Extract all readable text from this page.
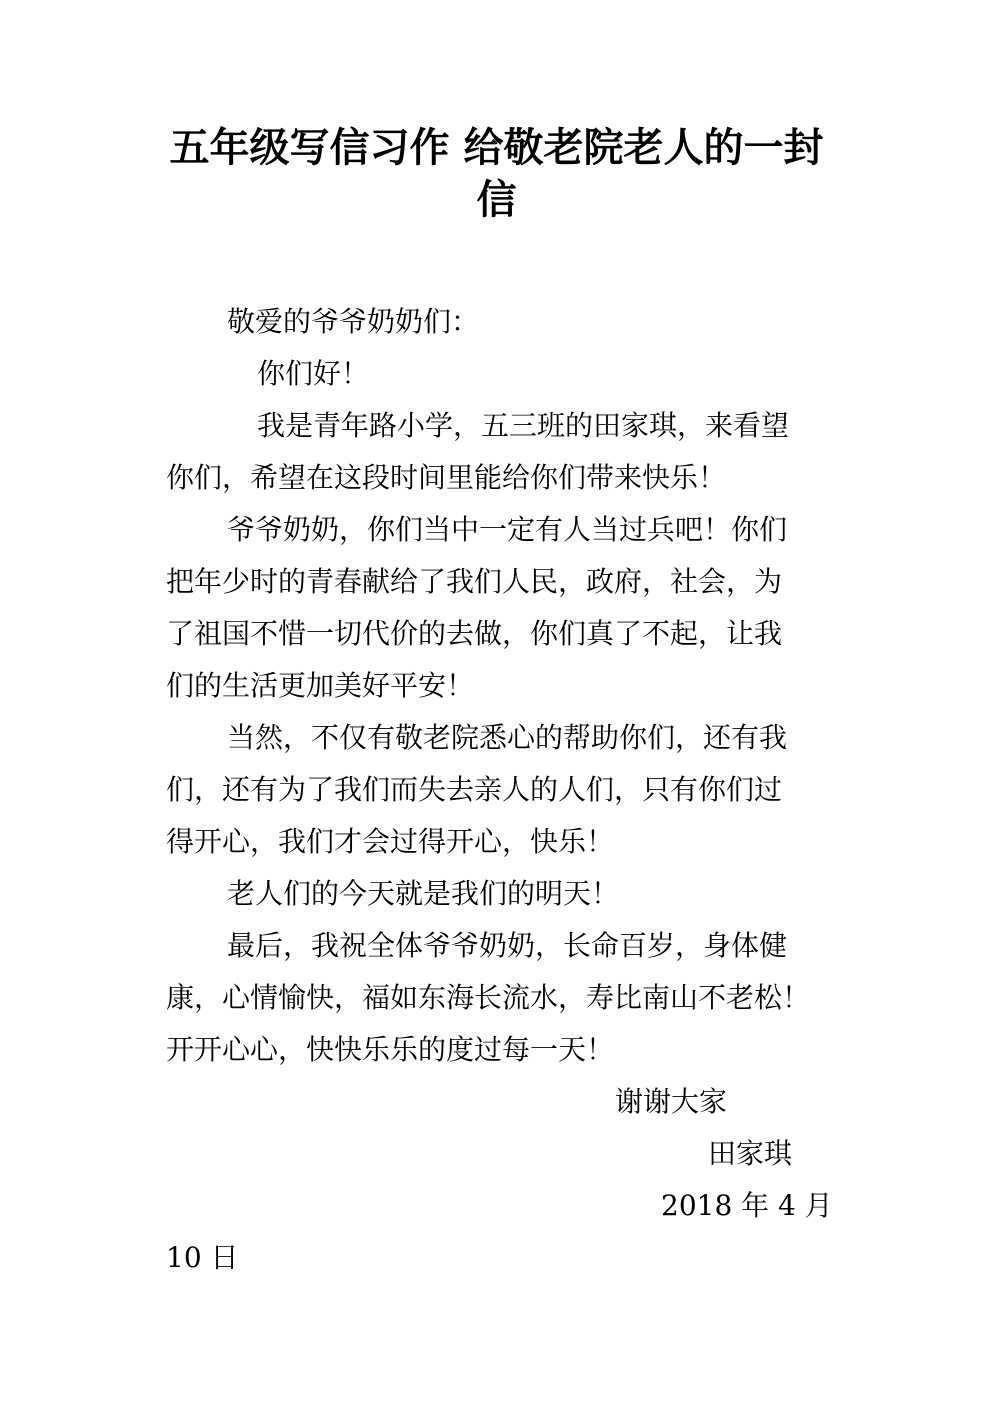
五年级写信习作 给敬老院老人的一封信
敬爱的爷爷奶奶们：
你们好！
我是青年路小学，五三班的田家琪，来看望
你们，希望在这段时间里能给你们带来快乐！
爷爷奶奶，你们当中一定有人当过兵吧！你们
把年少时的青春献给了我们人民，政府，社会，为
了祖国不惜一切代价的去做，你们真了不起，让我
们的生活更加美好平安！
当然，不仅有敬老院悉心的帮助你们，还有我
们，还有为了我们而失去亲人的人们，只有你们过
得开心，我们才会过得开心，快乐！
老人们的今天就是我们的明天！
最后，我祝全体爷爷奶奶，长命百岁，身体健
康，心情愉快，福如东海长流水，寿比南山不老松！
开开心心，快快乐乐的度过每一天！
谢谢大家
田家琪
2018 年 4 月
10 日
